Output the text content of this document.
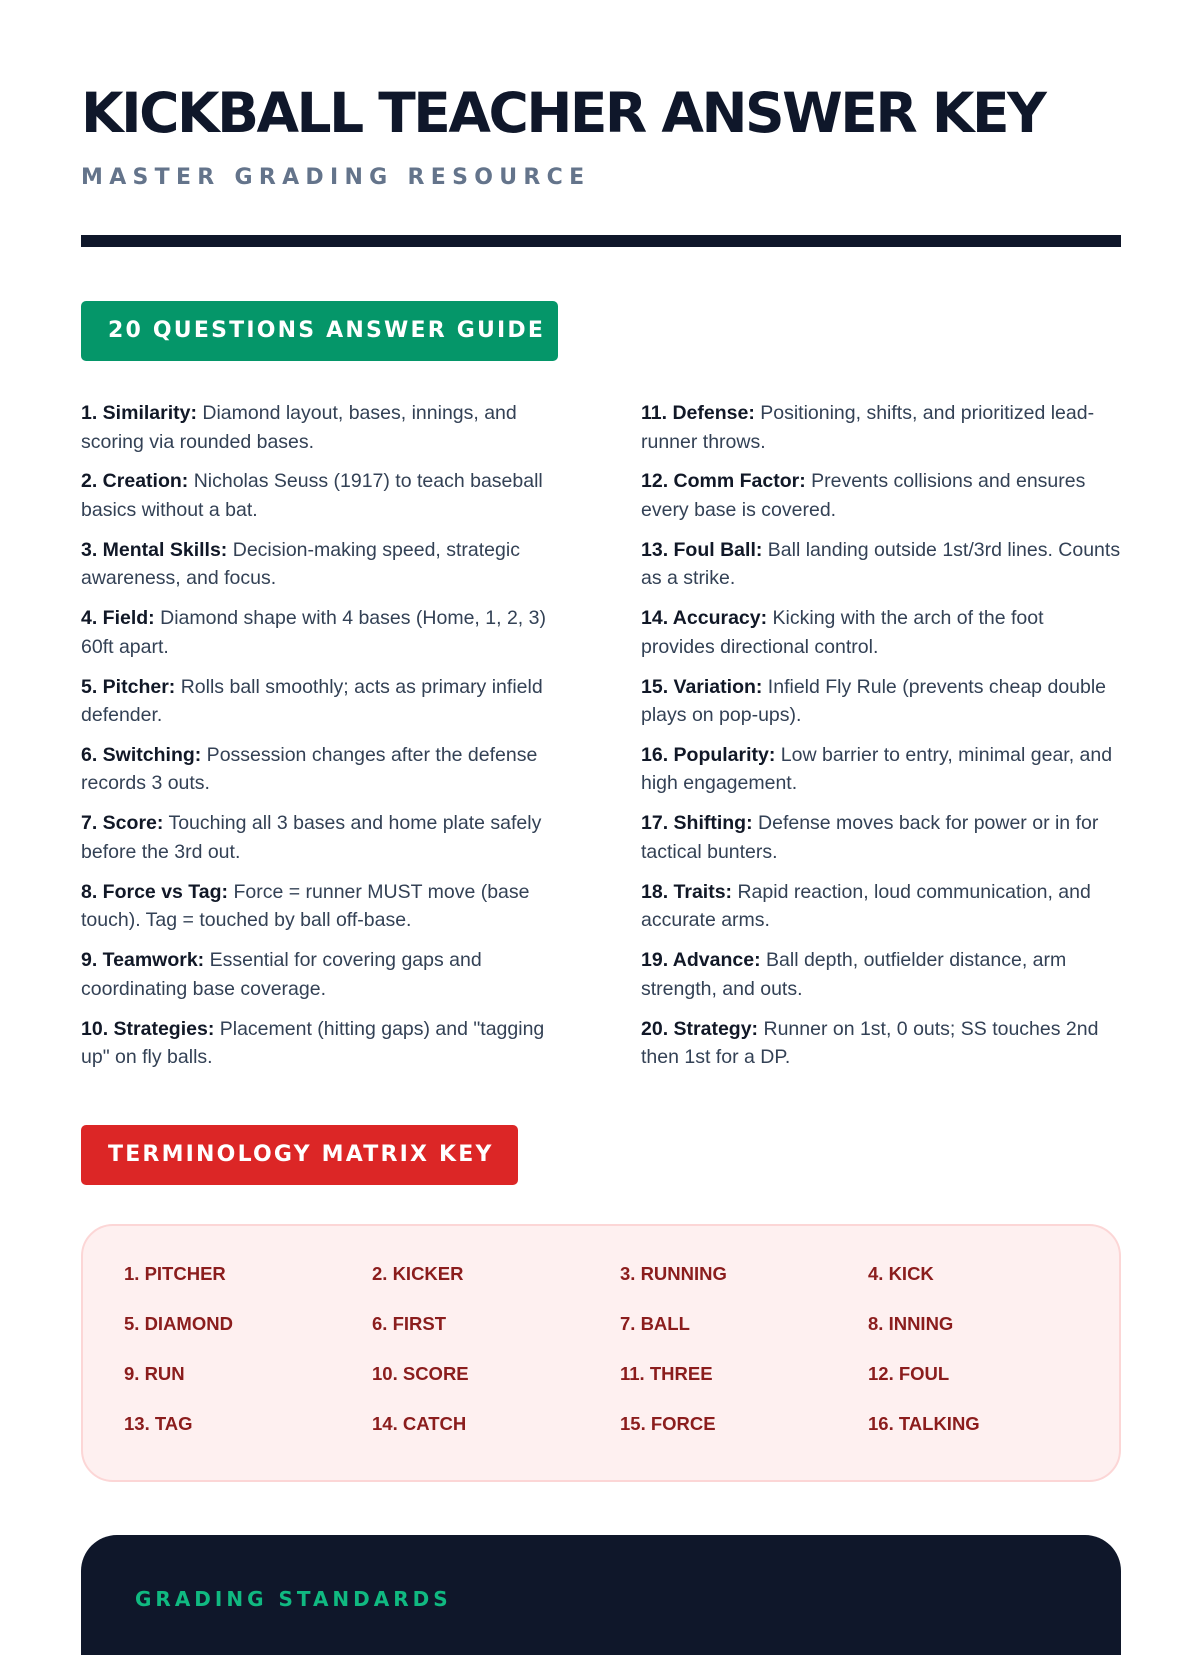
KICKBALL TEACHER ANSWER KEY
MASTER GRADING RESOURCE
20 QUESTIONS ANSWER GUIDE

1. Similarity: Diamond layout, bases, innings, and scoring via rounded bases.

2. Creation: Nicholas Seuss (1917) to teach baseball basics without a bat.

3. Mental Skills: Decision-making speed, strategic awareness, and focus.

4. Field: Diamond shape with 4 bases (Home, 1, 2, 3) 60ft apart.

5. Pitcher: Rolls ball smoothly; acts as primary infield defender.

6. Switching: Possession changes after the defense records 3 outs.

7. Score: Touching all 3 bases and home plate safely before the 3rd out.

8. Force vs Tag: Force = runner MUST move (base touch). Tag = touched by ball off-base.

9. Teamwork: Essential for covering gaps and coordinating base coverage.

10. Strategies: Placement (hitting gaps) and "tagging up" on fly balls.

11. Defense: Positioning, shifts, and prioritized lead-runner throws.

12. Comm Factor: Prevents collisions and ensures every base is covered.

13. Foul Ball: Ball landing outside 1st/3rd lines. Counts as a strike.

14. Accuracy: Kicking with the arch of the foot provides directional control.

15. Variation: Infield Fly Rule (prevents cheap double plays on pop-ups).

16. Popularity: Low barrier to entry, minimal gear, and high engagement.

17. Shifting: Defense moves back for power or in for tactical bunters.

18. Traits: Rapid reaction, loud communication, and accurate arms.

19. Advance: Ball depth, outfielder distance, arm strength, and outs.

20. Strategy: Runner on 1st, 0 outs; SS touches 2nd then 1st for a DP.

TERMINOLOGY MATRIX KEY
1. PITCHER	2. KICKER	3. RUNNING	4. KICK
5. DIAMOND	6. FIRST	7. BALL	8. INNING
9. RUN	10. SCORE	11. THREE	12. FOUL
13. TAG	14. CATCH	15. FORCE	16. TALKING
GRADING STANDARDS
